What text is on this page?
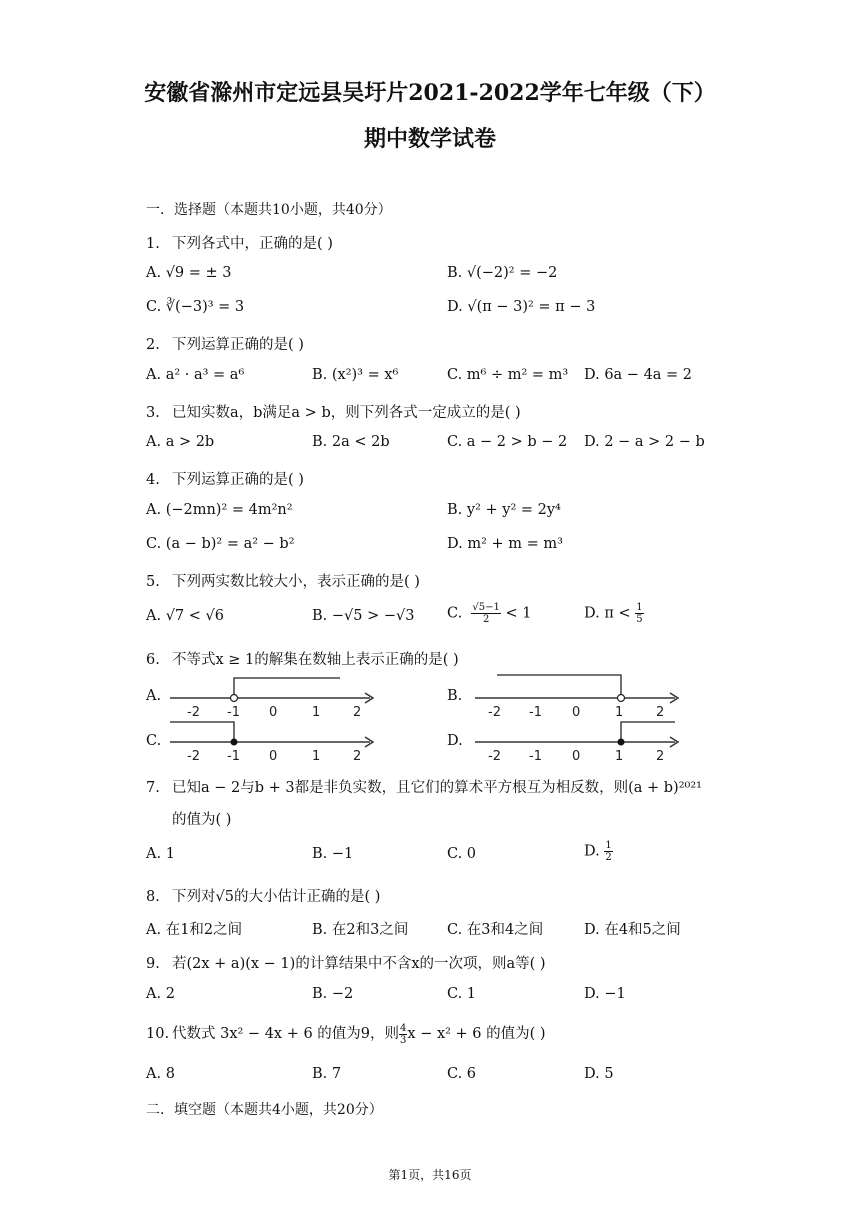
安徽省滁州市定远县吴圩片2021-2022学年七年级（下）
期中数学试卷
一．选择题（本题共10小题，共40分）
1. 下列各式中，正确的是( )
A. √9 = ± 3	B. √(−2)² = −2
C. ∛(−3)³ = 3	D. √(π − 3)² = π − 3
2. 下列运算正确的是( )
A. a² · a³ = a⁶	B. (x²)³ = x⁶	C. m⁶ ÷ m² = m³ D. 6a − 4a = 2
3. 已知实数a，b满足a > b，则下列各式一定成立的是( )
A. a > 2b	B. 2a < 2b	C. a − 2 > b − 2 D. 2 − a > 2 − b
4. 下列运算正确的是( )
A. (−2mn)² = 4m²n²	B. y² + y² = 2y⁴
C. (a − b)² = a² − b²	D. m² + m = m³
5. 下列两实数比较大小，表示正确的是( )
A. √7 < √6	B. −√5 > −√3 C. $\frac{√5-1}{2} < 1$	D. $\pi < \frac{1}{5}$
6. 不等式x ≥ 1的解集在数轴上表示正确的是( )
A.
-2 -1 0	1	2
B.
-2 -1 0	1	2
C.
-2 -1 0	1	2
D.
-2 -1 0	1	2
7. 已知a − 2与b + 3都是非负实数，且它们的算术平方根互为相反数，则(a + b)²⁰²¹
的值为( )
A. 1	B. −1	C. 0	D. $\frac{1}{2}$
8. 下列对√5的大小估计正确的是( )
A. 在1和2之间	B. 在2和3之间	C. 在3和4之间	D. 在4和5之间
9. 若(2x + a)(x − 1)的计算结果中不含x的一次项，则a等( )
A. 2	B. −2	C. 1	D. −1
10. 代数式 3x² − 4x + 6 的值为9，则 $\frac{4}{3}$ x − x² + 6 的值为( )
A. 8	B. 7	C. 6	D. 5
二．填空题（本题共4小题，共20分）
第1页，共16页
